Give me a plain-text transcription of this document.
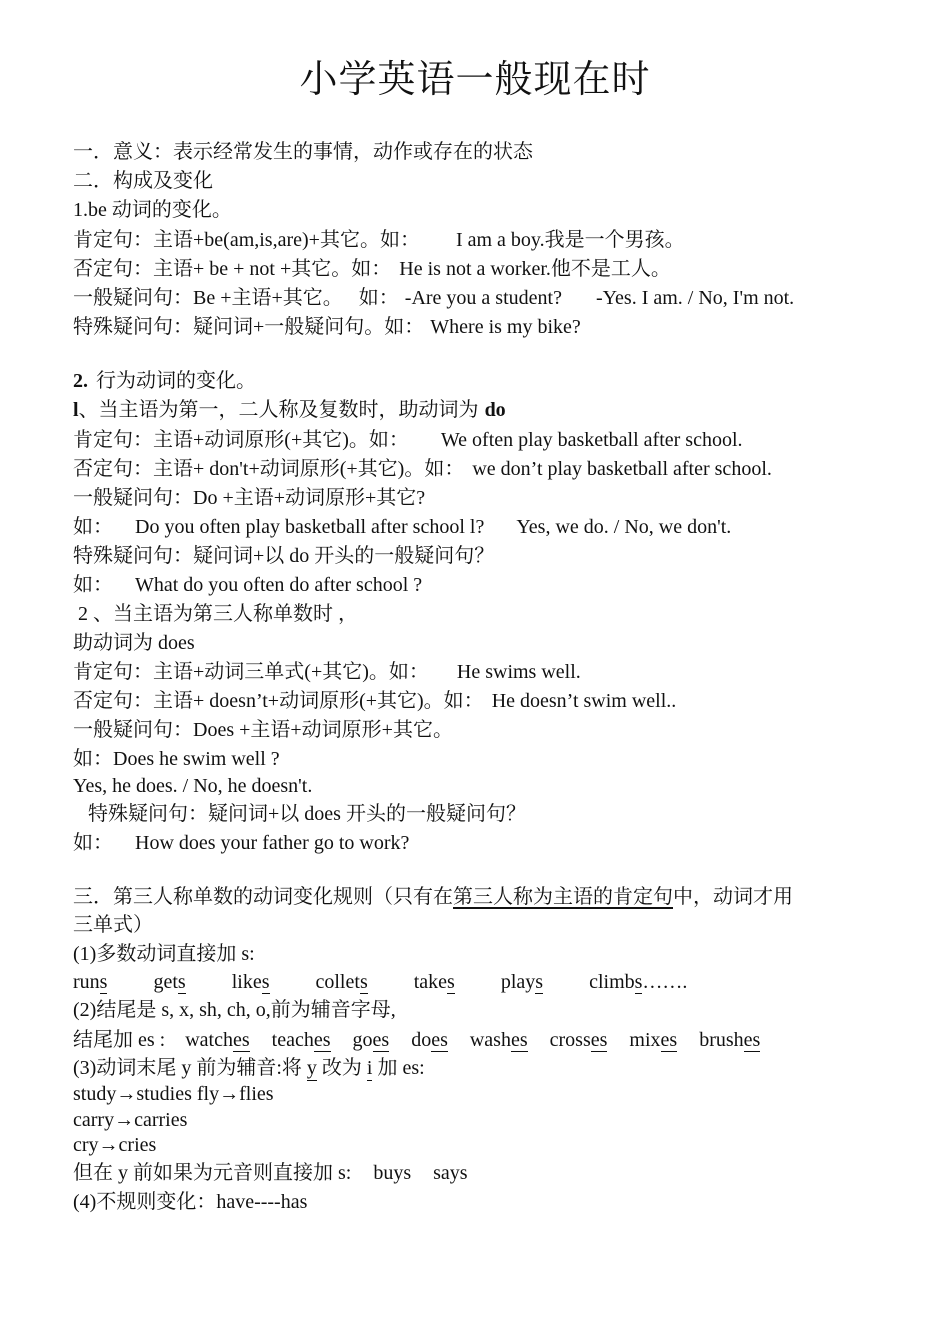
小学英语一般现在时
一．意义：表示经常发生的事情，动作或存在的状态
二．构成及变化
1.be 动词的变化。
肯定句：主语+be(am,is,are)+其它。如： I am a boy.我是一个男孩。
否定句：主语+ be + not +其它。如： He is not a worker.他不是工人。
一般疑问句：Be +主语+其它。 如： -Are you a student? -Yes. I am. / No, I'm not.
特殊疑问句：疑问词+一般疑问句。如： Where is my bike?
2. 行为动词的变化。
l、当主语为第一，二人称及复数时，助动词为 do
肯定句：主语+动词原形(+其它)。如： We often play basketball after school.
否定句：主语+ don't+动词原形(+其它)。如： we don’t play basketball after school.
一般疑问句：Do +主语+动词原形+其它?
如： Do you often play basketball after school l? Yes, we do. / No, we don't.
特殊疑问句：疑问词+以 do 开头的一般疑问句？
如： What do you often do after school ?
2 、当主语为第三人称单数时 ，
助动词为 does
肯定句：主语+动词三单式(+其它)。如： He swims well.
否定句：主语+ doesn’t+动词原形(+其它)。如： He doesn’t swim well..
一般疑问句：Does +主语+动词原形+其它。
如：Does he swim well ?
Yes, he does. / No, he doesn't.
特殊疑问句：疑问词+以 does 开头的一般疑问句？
如： How does your father go to work?
三．第三人称单数的动词变化规则（只有在第三人称为主语的肯定句中，动词才用
三单式）
(1)多数动词直接加 s:
runs gets likes collets takes plays climbs…….
(2)结尾是 s, x, sh, ch, o,前为辅音字母,
结尾加 es : watches teaches goes does washes crosses mixes brushes
(3)动词末尾 y 前为辅音:将 y 改为 i 加 es:
study→studies fly→flies
carry→carries
cry→cries
但在 y 前如果为元音则直接加 s: buys says
(4)不规则变化：have----has
